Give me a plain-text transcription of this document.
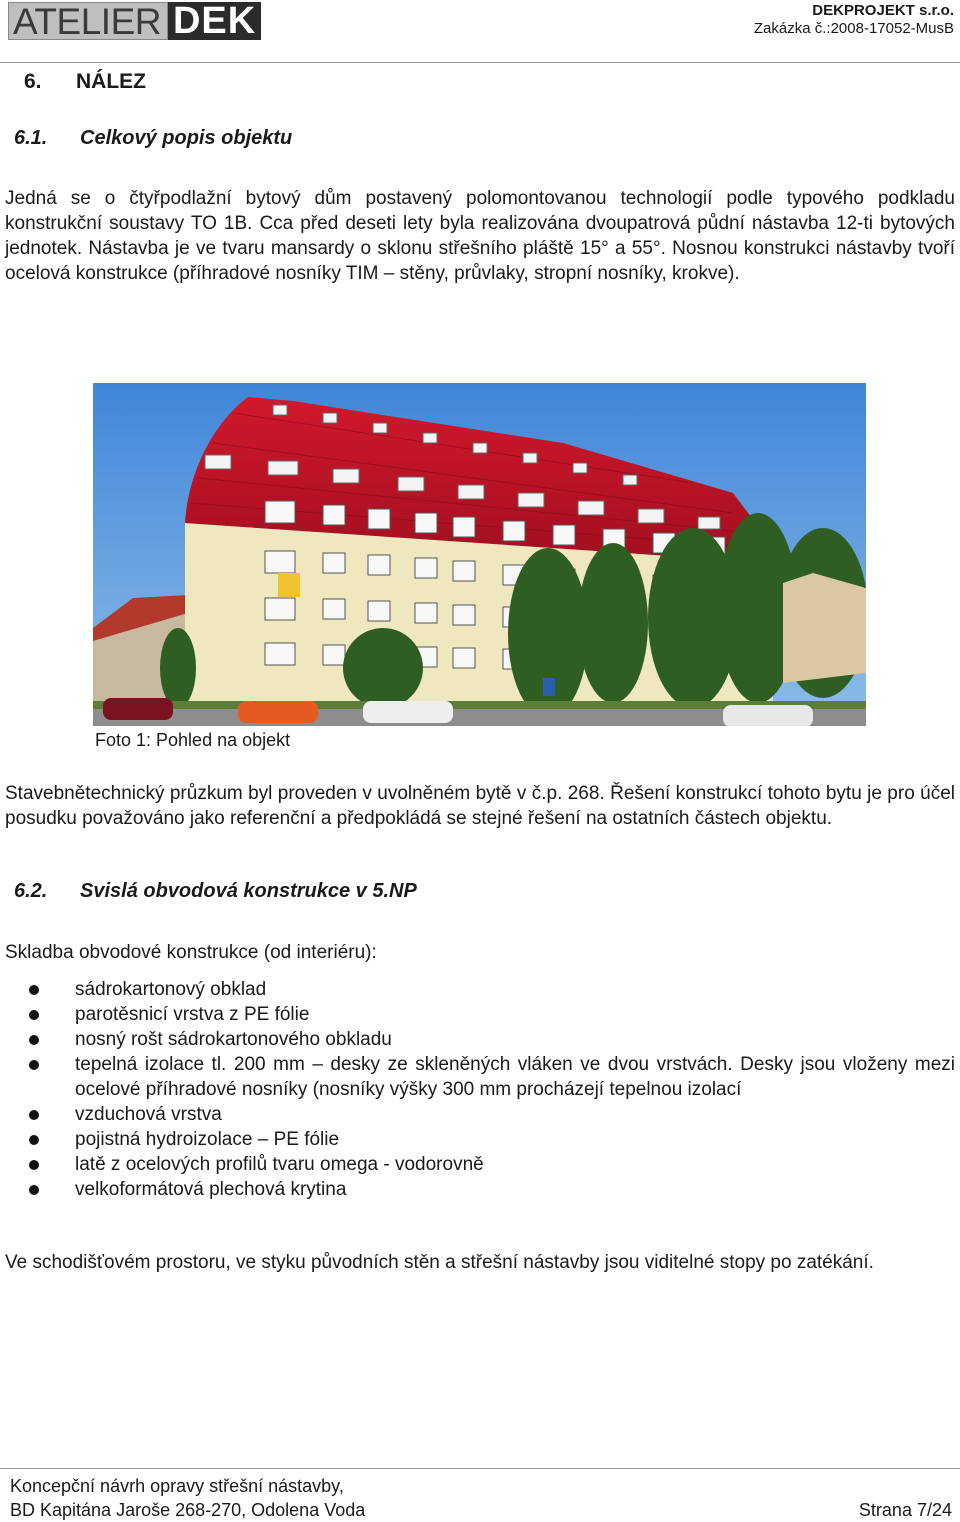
ATELIER DEK	DEKPROJEKT s.r.o.
Zakázka č.:2008-17052-MusB
6. NÁLEZ
6.1. Celkový popis objektu
Jedná se o čtyřpodlažní bytový dům postavený polomontovanou technologií podle typového podkladu konstrukční soustavy TO 1B. Cca před deseti lety byla realizována dvoupatrová půdní nástavba 12-ti bytových jednotek. Nástavba je ve tvaru mansardy o sklonu střešního pláště 15° a 55°. Nosnou konstrukci nástavby tvoří ocelová konstrukce (příhradové nosníky TIM – stěny, průvlaky, stropní nosníky, krokve).
Foto 1: Pohled na objekt
Stavebnětechnický průzkum byl proveden v uvolněném bytě v č.p. 268. Řešení konstrukcí tohoto bytu je pro účel posudku považováno jako referenční a předpokládá se stejné řešení na ostatních částech objektu.
6.2. Svislá obvodová konstrukce v 5.NP
Skladba obvodové konstrukce (od interiéru):
sádrokartonový obklad
parotěsnicí vrstva z PE fólie
nosný rošt sádrokartonového obkladu
tepelná izolace tl. 200 mm – desky ze skleněných vláken ve dvou vrstvách. Desky jsou vloženy mezi ocelové příhradové nosníky (nosníky výšky 300 mm procházejí tepelnou izolací
vzduchová vrstva
pojistná hydroizolace – PE fólie
latě z ocelových profilů tvaru omega - vodorovně
velkoformátová plechová krytina
Ve schodišťovém prostoru, ve styku původních stěn a střešní nástavby jsou viditelné stopy po zatékání.
Koncepční návrh opravy střešní nástavby,
BD Kapitána Jaroše 268-270, Odolena Voda	Strana 7/24
